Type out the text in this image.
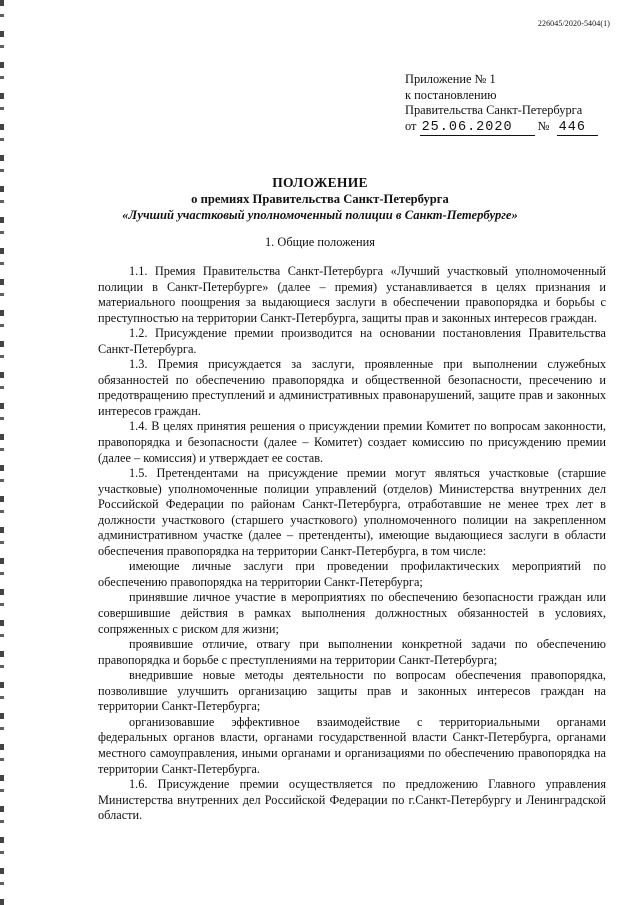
226045/2020-5404(1)
Приложение № 1
к постановлению
Правительства Санкт-Петербурга
от 25.06.2020 № 446
ПОЛОЖЕНИЕ
о премиях Правительства Санкт-Петербурга
«Лучший участковый уполномоченный полиции в Санкт-Петербурге»
1. Общие положения

1.1. Премия Правительства Санкт-Петербурга «Лучший участковый уполномоченный полиции в Санкт-Петербурге» (далее – премия) устанавливается в целях признания и материального поощрения за выдающиеся заслуги в обеспечении правопорядка и борьбы с преступностью на территории Санкт-Петербурга, защиты прав и законных интересов граждан.

1.2. Присуждение премии производится на основании постановления Правительства Санкт-Петербурга.

1.3. Премия присуждается за заслуги, проявленные при выполнении служебных обязанностей по обеспечению правопорядка и общественной безопасности, пресечению и предотвращению преступлений и административных правонарушений, защите прав и законных интересов граждан.

1.4. В целях принятия решения о присуждении премии Комитет по вопросам законности, правопорядка и безопасности (далее – Комитет) создает комиссию по присуждению премии (далее – комиссия) и утверждает ее состав.

1.5. Претендентами на присуждение премии могут являться участковые (старшие участковые) уполномоченные полиции управлений (отделов) Министерства внутренних дел Российской Федерации по районам Санкт-Петербурга, отработавшие не менее трех лет в должности участкового (старшего участкового) уполномоченного полиции на закрепленном административном участке (далее – претенденты), имеющие выдающиеся заслуги в области обеспечения правопорядка на территории Санкт-Петербурга, в том числе:

имеющие личные заслуги при проведении профилактических мероприятий по обеспечению правопорядка на территории Санкт-Петербурга;

принявшие личное участие в мероприятиях по обеспечению безопасности граждан или совершившие действия в рамках выполнения должностных обязанностей в условиях, сопряженных с риском для жизни;

проявившие отличие, отвагу при выполнении конкретной задачи по обеспечению правопорядка и борьбе с преступлениями на территории Санкт-Петербурга;

внедрившие новые методы деятельности по вопросам обеспечения правопорядка, позволившие улучшить организацию защиты прав и законных интересов граждан на территории Санкт-Петербурга;

организовавшие эффективное взаимодействие с территориальными органами федеральных органов власти, органами государственной власти Санкт-Петербурга, органами местного самоуправления, иными органами и организациями по обеспечению правопорядка на территории Санкт-Петербурга.

1.6. Присуждение премии осуществляется по предложению Главного управления Министерства внутренних дел Российской Федерации по г.Санкт-Петербургу и Ленинградской области.
